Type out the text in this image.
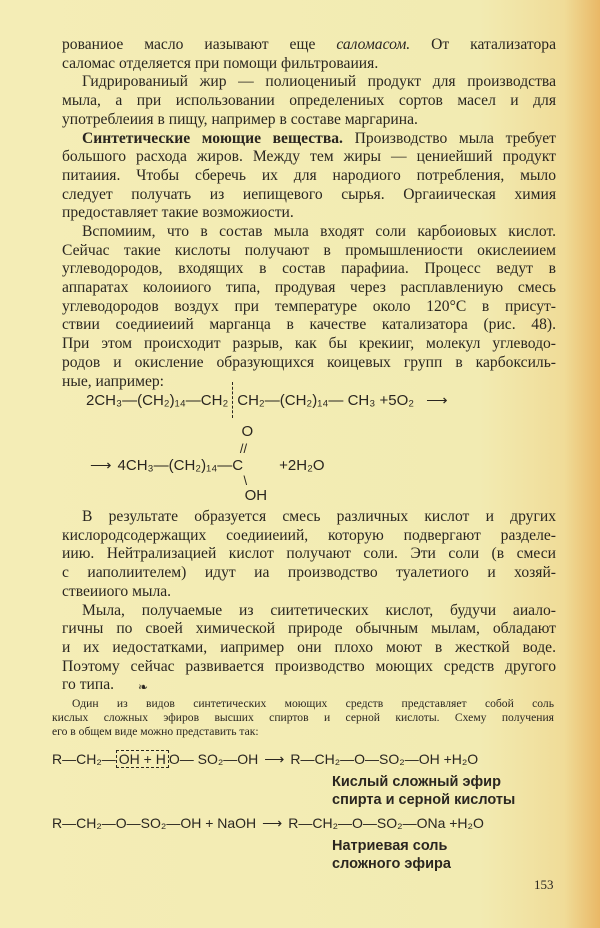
рованиое масло иазывают еще саломасом. От катализатора
саломас отделяется при помощи фильтроваиия.
Гидрированиый жир — полиоцениый продукт для производства
мыла, а при использовании определениых сортов масел и для
употреблеиия в пищу, например в составе маргарина.
Синтетические моющие вещества. Производство мыла требует
большого расхода жиров. Между тем жиры — цениейший продукт
питаиия. Чтобы сберечь их для народиого потребления, мыло
следует получать из иепищевого сырья. Оргаиическая химия
предоставляет такие возможиости.
Вспомиим, что в состав мыла входят соли карбоиовых кислот.
Сейчас такие кислоты получают в промышлениости окислеиием
углеводородов, входящих в состав парафииа. Процесс ведут в
аппаратах колоииого типа, продувая через расплавлениую смесь
углеводородов воздух при температуре около 120°С в присут-
ствии соедииеиий марганца в качестве катализатора (рис. 48).
При этом происходит разрыв, как бы крекииг, молекул углеводо-
родов и окисление образующихся коицевых групп в карбоксиль-
ные, иапример:
2CH₃—(CH₂)₁₄—CH₂ CH₂—(CH₂)₁₄— CH₃ +5O₂ ⟶
⟶ 4CH₃—(CH₂)₁₄—C
O
//
\
OH
+2H₂O
В результате образуется смесь различных кислот и других
кислородсодержащих соедииеиий, которую подвергают разделе-
иию. Нейтрализацией кислот получают соли. Эти соли (в смеси
с иаполиителем) идут иа производство туалетиого и хозяй-
ствеииого мыла.
Мыла, получаемые из сиитетических кислот, будучи аиало-
гичны по своей химической природе обычным мылам, обладают
и их иедостатками, иапример они плохо моют в жесткой воде.
Поэтому сейчас развивается производство моющих средств другого
го типа.	❧
Один из видов синтетических моющих средств представляет собой соль
кислых сложных эфиров высших спиртов и серной кислоты. Схему получения
его в общем виде можно представить так:
R—CH₂— OH + H O— SO₂—OH ⟶ R—CH₂—O—SO₂—OH +H₂O
Кислый сложный эфир
спирта и серной кислоты
R—CH₂—O—SO₂—OH + NaOH ⟶ R—CH₂—O—SO₂—ONa +H₂O
Натриевая соль
сложного эфира
153
